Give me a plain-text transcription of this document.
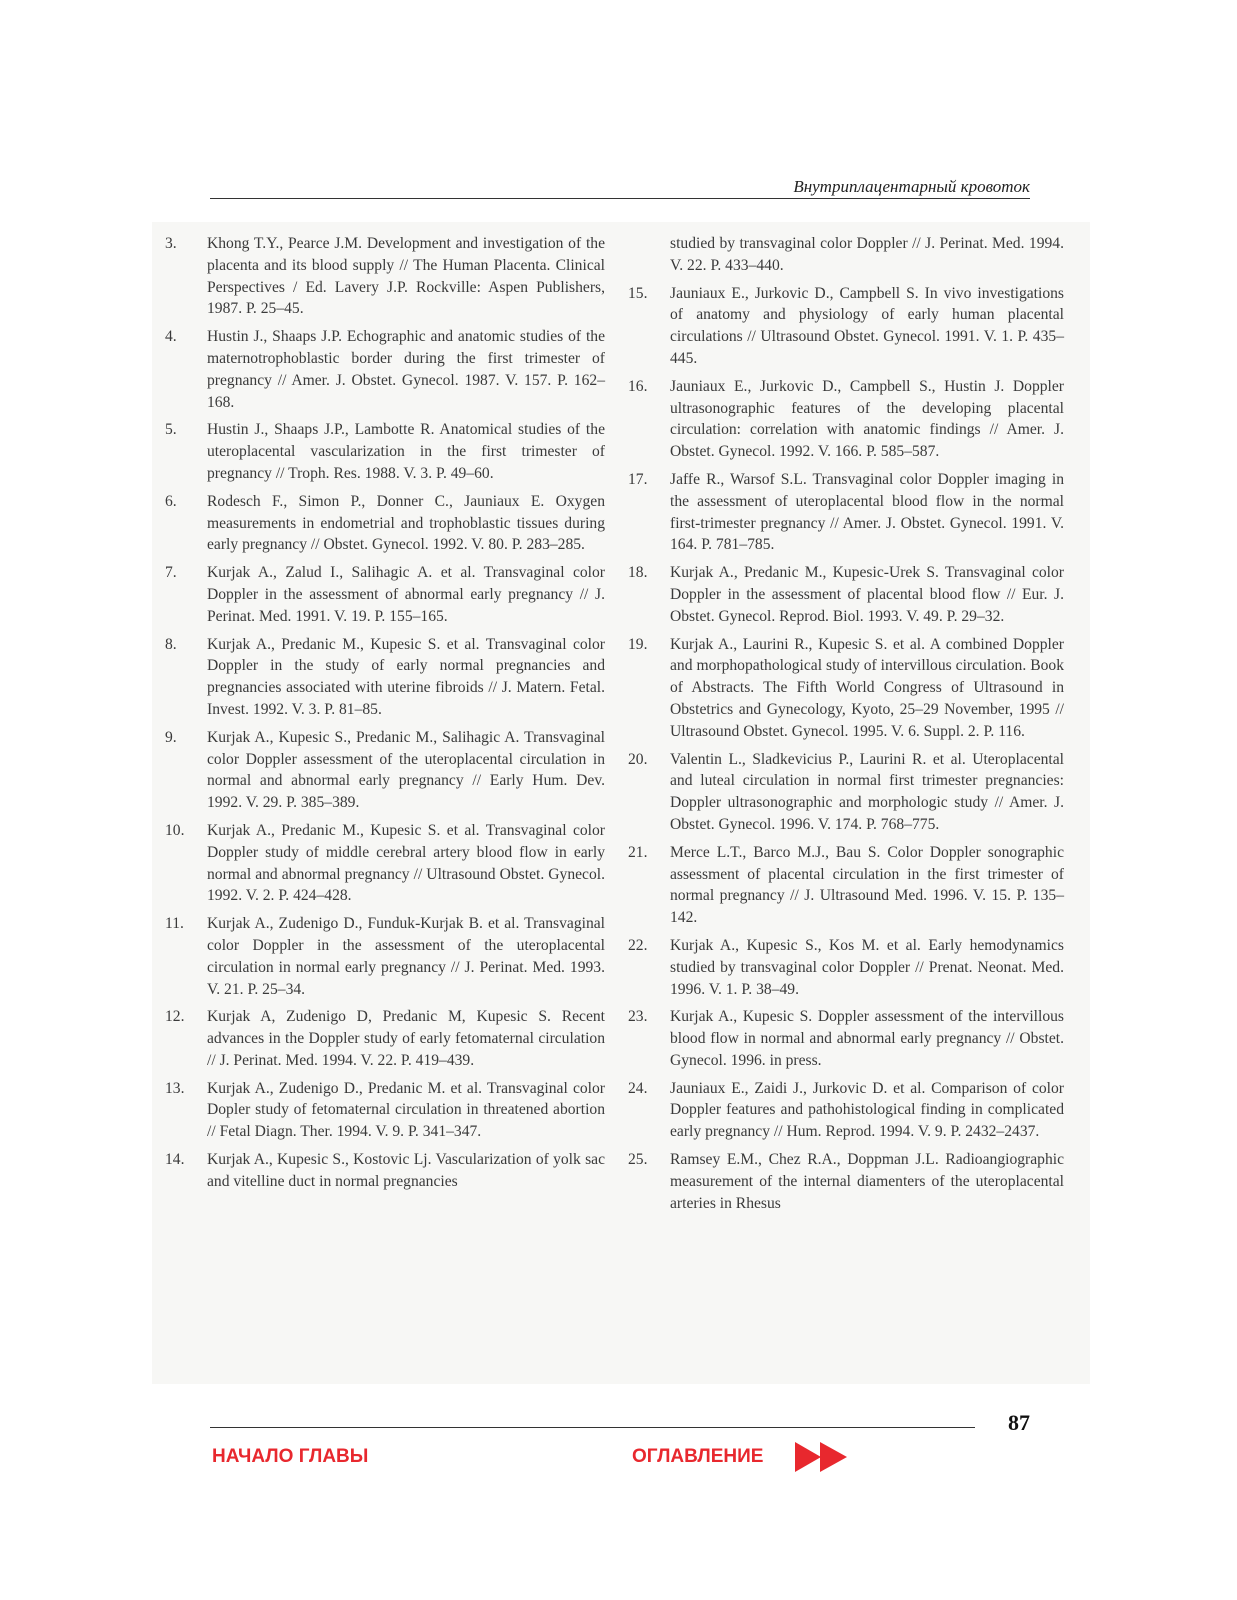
Внутриплацентарный кровоток
3.	Khong T.Y., Pearce J.M. Development and investigation of the placenta and its blood supply // The Human Placenta. Clinical Perspectives / Ed. Lavery J.P. Rockville: Aspen Publishers, 1987. P. 25–45.
4.	Hustin J., Shaaps J.P. Echographic and anatomic studies of the maternotrophoblastic border during the first trimester of pregnancy // Amer. J. Obstet. Gynecol. 1987. V. 157. P. 162–168.
5.	Hustin J., Shaaps J.P., Lambotte R. Anatomical studies of the uteroplacental vascularization in the first trimester of pregnancy // Troph. Res. 1988. V. 3. P. 49–60.
6.	Rodesch F., Simon P., Donner C., Jauniaux E. Oxygen measurements in endometrial and trophoblastic tissues during early pregnancy // Obstet. Gynecol. 1992. V. 80. P. 283–285.
7.	Kurjak A., Zalud I., Salihagic A. et al. Transvaginal color Doppler in the assessment of abnormal early pregnancy // J. Perinat. Med. 1991. V. 19. P. 155–165.
8.	Kurjak A., Predanic M., Kupesic S. et al. Transvaginal color Doppler in the study of early normal pregnancies and pregnancies associated with uterine fibroids // J. Matern. Fetal. Invest. 1992. V. 3. P. 81–85.
9.	Kurjak A., Kupesic S., Predanic M., Salihagic A. Transvaginal color Doppler assessment of the uteroplacental circulation in normal and abnormal early pregnancy // Early Hum. Dev. 1992. V. 29. P. 385–389.
10.	Kurjak A., Predanic M., Kupesic S. et al. Transvaginal color Doppler study of middle cerebral artery blood flow in early normal and abnormal pregnancy // Ultrasound Obstet. Gynecol. 1992. V. 2. P. 424–428.
11.	Kurjak A., Zudenigo D., Funduk-Kurjak B. et al. Transvaginal color Doppler in the assessment of the uteroplacental circulation in normal early pregnancy // J. Perinat. Med. 1993. V. 21. P. 25–34.
12.	Kurjak A, Zudenigo D, Predanic M, Kupesic S. Recent advances in the Doppler study of early fetomaternal circulation // J. Perinat. Med. 1994. V. 22. P. 419–439.
13.	Kurjak A., Zudenigo D., Predanic M. et al. Transvaginal color Dopler study of fetomaternal circulation in threatened abortion // Fetal Diagn. Ther. 1994. V. 9. P. 341–347.
14.	Kurjak A., Kupesic S., Kostovic Lj. Vascularization of yolk sac and vitelline duct in normal pregnancies
studied by transvaginal color Doppler // J. Perinat. Med. 1994. V. 22. P. 433–440.
15.	Jauniaux E., Jurkovic D., Campbell S. In vivo investigations of anatomy and physiology of early human placental circulations // Ultrasound Obstet. Gynecol. 1991. V. 1. P. 435–445.
16.	Jauniaux E., Jurkovic D., Campbell S., Hustin J. Doppler ultrasonographic features of the developing placental circulation: correlation with anatomic findings // Amer. J. Obstet. Gynecol. 1992. V. 166. P. 585–587.
17.	Jaffe R., Warsof S.L. Transvaginal color Doppler imaging in the assessment of uteroplacental blood flow in the normal first-trimester pregnancy // Amer. J. Obstet. Gynecol. 1991. V. 164. P. 781–785.
18.	Kurjak A., Predanic M., Kupesic-Urek S. Transvaginal color Doppler in the assessment of placental blood flow // Eur. J. Obstet. Gynecol. Reprod. Biol. 1993. V. 49. P. 29–32.
19.	Kurjak A., Laurini R., Kupesic S. et al. A combined Doppler and morphopathological study of intervillous circulation. Book of Abstracts. The Fifth World Congress of Ultrasound in Obstetrics and Gynecology, Kyoto, 25–29 November, 1995 // Ultrasound Obstet. Gynecol. 1995. V. 6. Suppl. 2. P. 116.
20.	Valentin L., Sladkevicius P., Laurini R. et al. Uteroplacental and luteal circulation in normal first trimester pregnancies: Doppler ultrasonographic and morphologic study // Amer. J. Obstet. Gynecol. 1996. V. 174. P. 768–775.
21.	Merce L.T., Barco M.J., Bau S. Color Doppler sonographic assessment of placental circulation in the first trimester of normal pregnancy // J. Ultrasound Med. 1996. V. 15. P. 135–142.
22.	Kurjak A., Kupesic S., Kos M. et al. Early hemodynamics studied by transvaginal color Doppler // Prenat. Neonat. Med. 1996. V. 1. P. 38–49.
23.	Kurjak A., Kupesic S. Doppler assessment of the intervillous blood flow in normal and abnormal early pregnancy // Obstet. Gynecol. 1996. in press.
24.	Jauniaux E., Zaidi J., Jurkovic D. et al. Comparison of color Doppler features and pathohistological finding in complicated early pregnancy // Hum. Reprod. 1994. V. 9. P. 2432–2437.
25.	Ramsey E.M., Chez R.A., Doppman J.L. Radioangiographic measurement of the internal diamenters of the uteroplacental arteries in Rhesus
87
НАЧАЛО ГЛАВЫ	ОГЛАВЛЕНИЕ
